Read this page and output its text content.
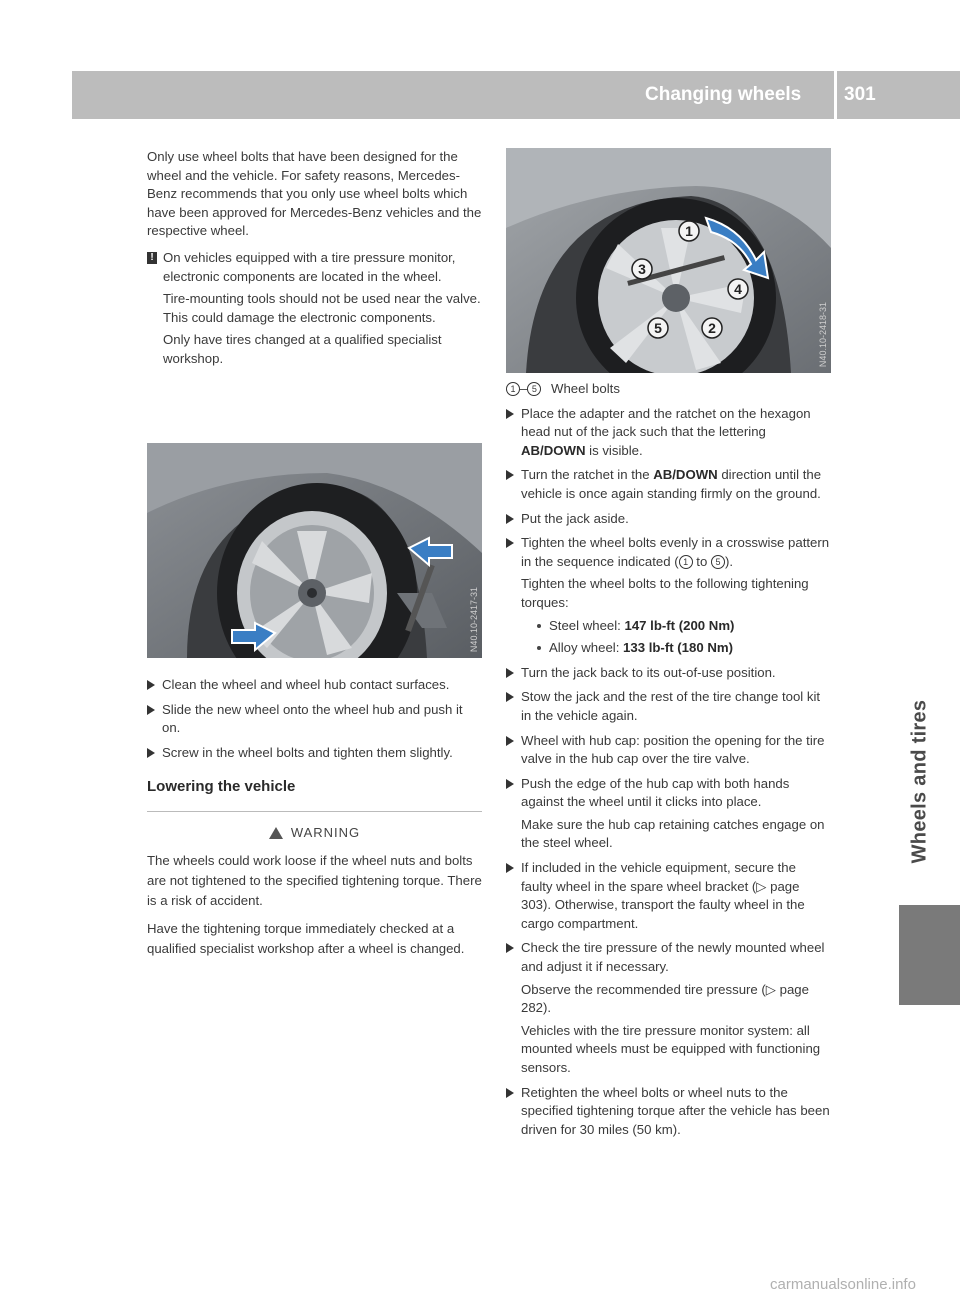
Changing wheels 301
Wheels and tires

Only use wheel bolts that have been designed for the wheel and the vehicle. For safety reasons, Mercedes-Benz recommends that you only use wheel bolts which have been approved for Mercedes-Benz vehicles and the respective wheel.

! On vehicles equipped with a tire pressure monitor, electronic components are located in the wheel.

Tire-mounting tools should not be used near the valve. This could damage the electronic components.

Only have tires changed at a qualified specialist workshop.

N40.10-2417-31

Clean the wheel and wheel hub contact surfaces.

Slide the new wheel onto the wheel hub and push it on.

Screw in the wheel bolts and tighten them slightly.

Lowering the vehicle
WARNING

The wheels could work loose if the wheel nuts and bolts are not tightened to the specified tightening torque. There is a risk of accident.

Have the tightening torque immediately checked at a qualified specialist workshop after a wheel is changed.

1
2
3
4
5	N40.10-2418-31
1 – 5 Wheel bolts

Place the adapter and the ratchet on the hexagon head nut of the jack such that the lettering AB/DOWN is visible.

Turn the ratchet in the AB/DOWN direction until the vehicle is once again standing firmly on the ground.

Put the jack aside.

Tighten the wheel bolts evenly in a crosswise pattern in the sequence indicated ( 1 to 5 ).

Tighten the wheel bolts to the following tightening torques:

Steel wheel: 147 lb-ft (200 Nm)
Alloy wheel: 133 lb-ft (180 Nm)

Turn the jack back to its out-of-use position.

Stow the jack and the rest of the tire change tool kit in the vehicle again.

Wheel with hub cap: position the opening for the tire valve in the hub cap over the tire valve.

Push the edge of the hub cap with both hands against the wheel until it clicks into place.

Make sure the hub cap retaining catches engage on the steel wheel.

If included in the vehicle equipment, secure the faulty wheel in the spare wheel bracket (▷ page 303). Otherwise, transport the faulty wheel in the cargo compartment.

Check the tire pressure of the newly mounted wheel and adjust it if necessary.

Observe the recommended tire pressure (▷ page 282).

Vehicles with the tire pressure monitor system: all mounted wheels must be equipped with functioning sensors.

Retighten the wheel bolts or wheel nuts to the specified tightening torque after the vehicle has been driven for 30 miles (50 km).

carmanualsonline.info
